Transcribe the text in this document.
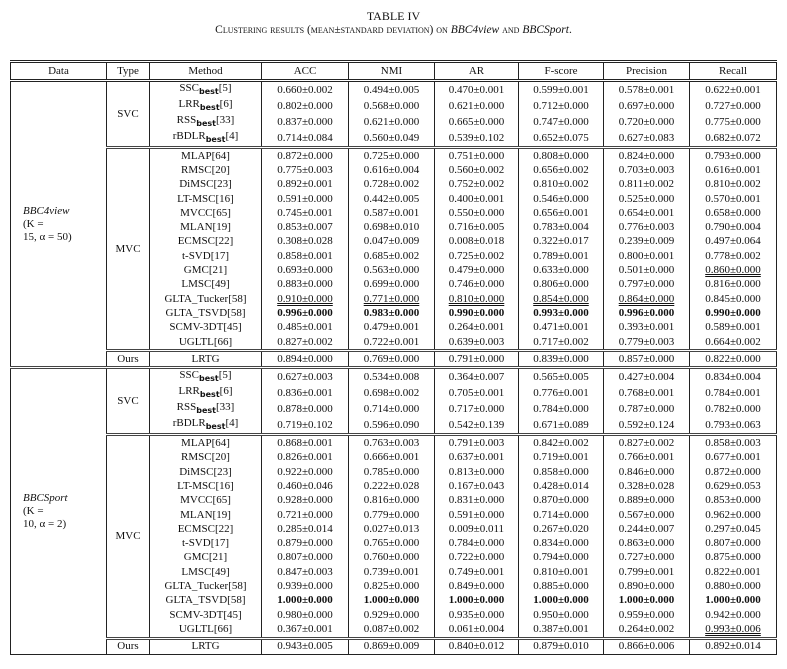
TABLE IV
Clustering results (mean±standard deviation) on BBC4view and BBCSport.
Data	Type	Method	ACC	NMI	AR	F-score	Precision	Recall
BBC4view
(K =
15, α = 50)	SVC	$SSC_{best}[5]$	0.660±0.002	0.494±0.005	0.470±0.001	0.599±0.001	0.578±0.001	0.622±0.001
		$LRR_{best}[6]$	0.802±0.000	0.568±0.000	0.621±0.000	0.712±0.000	0.697±0.000	0.727±0.000
		$RSS_{best}[33]$	0.837±0.000	0.621±0.000	0.665±0.000	0.747±0.000	0.720±0.000	0.775±0.000
		rBDLR$_{best}$[4]	0.714±0.084	0.560±0.049	0.539±0.102	0.652±0.075	0.627±0.083	0.682±0.072
	MVC	MLAP[64]	0.872±0.000	0.725±0.000	0.751±0.000	0.808±0.000	0.824±0.000	0.793±0.000
		RMSC[20]	0.775±0.003	0.616±0.004	0.560±0.002	0.656±0.002	0.703±0.003	0.616±0.001
		DiMSC[23]	0.892±0.001	0.728±0.002	0.752±0.002	0.810±0.002	0.811±0.002	0.810±0.002
		LT-MSC[16]	0.591±0.000	0.442±0.005	0.400±0.001	0.546±0.000	0.525±0.000	0.570±0.001
		MVCC[65]	0.745±0.001	0.587±0.001	0.550±0.000	0.656±0.001	0.654±0.001	0.658±0.000
		MLAN[19]	0.853±0.007	0.698±0.010	0.716±0.005	0.783±0.004	0.776±0.003	0.790±0.004
		ECMSC[22]	0.308±0.028	0.047±0.009	0.008±0.018	0.322±0.017	0.239±0.009	0.497±0.064
		t-SVD[17]	0.858±0.001	0.685±0.002	0.725±0.002	0.789±0.001	0.800±0.001	0.778±0.002
		GMC[21]	0.693±0.000	0.563±0.000	0.479±0.000	0.633±0.000	0.501±0.000	0.860±0.000
		LMSC[49]	0.883±0.000	0.699±0.000	0.746±0.000	0.806±0.000	0.797±0.000	0.816±0.000
		GLTA_Tucker[58]	0.910±0.000	0.771±0.000	0.810±0.000	0.854±0.000	0.864±0.000	0.845±0.000
		GLTA_TSVD[58]	0.996±0.000	0.983±0.000	0.990±0.000	0.993±0.000	0.996±0.000	0.990±0.000
		SCMV-3DT[45]	0.485±0.001	0.479±0.001	0.264±0.001	0.471±0.001	0.393±0.001	0.589±0.001
		UGLTL[66]	0.827±0.002	0.722±0.001	0.639±0.003	0.717±0.002	0.779±0.003	0.664±0.002
	Ours	LRTG	0.894±0.000	0.769±0.000	0.791±0.000	0.839±0.000	0.857±0.000	0.822±0.000
BBCSport
(K =
10, α = 2)	SVC	$SSC_{best}[5]$	0.627±0.003	0.534±0.008	0.364±0.007	0.565±0.005	0.427±0.004	0.834±0.004
		$LRR_{best}[6]$	0.836±0.001	0.698±0.002	0.705±0.001	0.776±0.001	0.768±0.001	0.784±0.001
		$RSS_{best}[33]$	0.878±0.000	0.714±0.000	0.717±0.000	0.784±0.000	0.787±0.000	0.782±0.000
		rBDLR$_{best}$[4]	0.719±0.102	0.596±0.090	0.542±0.139	0.671±0.089	0.592±0.124	0.793±0.063
	MVC	MLAP[64]	0.868±0.001	0.763±0.003	0.791±0.003	0.842±0.002	0.827±0.002	0.858±0.003
		RMSC[20]	0.826±0.001	0.666±0.001	0.637±0.001	0.719±0.001	0.766±0.001	0.677±0.001
		DiMSC[23]	0.922±0.000	0.785±0.000	0.813±0.000	0.858±0.000	0.846±0.000	0.872±0.000
		LT-MSC[16]	0.460±0.046	0.222±0.028	0.167±0.043	0.428±0.014	0.328±0.028	0.629±0.053
		MVCC[65]	0.928±0.000	0.816±0.000	0.831±0.000	0.870±0.000	0.889±0.000	0.853±0.000
		MLAN[19]	0.721±0.000	0.779±0.000	0.591±0.000	0.714±0.000	0.567±0.000	0.962±0.000
		ECMSC[22]	0.285±0.014	0.027±0.013	0.009±0.011	0.267±0.020	0.244±0.007	0.297±0.045
		t-SVD[17]	0.879±0.000	0.765±0.000	0.784±0.000	0.834±0.000	0.863±0.000	0.807±0.000
		GMC[21]	0.807±0.000	0.760±0.000	0.722±0.000	0.794±0.000	0.727±0.000	0.875±0.000
		LMSC[49]	0.847±0.003	0.739±0.001	0.749±0.001	0.810±0.001	0.799±0.001	0.822±0.001
		GLTA_Tucker[58]	0.939±0.000	0.825±0.000	0.849±0.000	0.885±0.000	0.890±0.000	0.880±0.000
		GLTA_TSVD[58]	1.000±0.000	1.000±0.000	1.000±0.000	1.000±0.000	1.000±0.000	1.000±0.000
		SCMV-3DT[45]	0.980±0.000	0.929±0.000	0.935±0.000	0.950±0.000	0.959±0.000	0.942±0.000
		UGLTL[66]	0.367±0.001	0.087±0.002	0.061±0.004	0.387±0.001	0.264±0.002	0.993±0.006
	Ours	LRTG	0.943±0.005	0.869±0.009	0.840±0.012	0.879±0.010	0.866±0.006	0.892±0.014
